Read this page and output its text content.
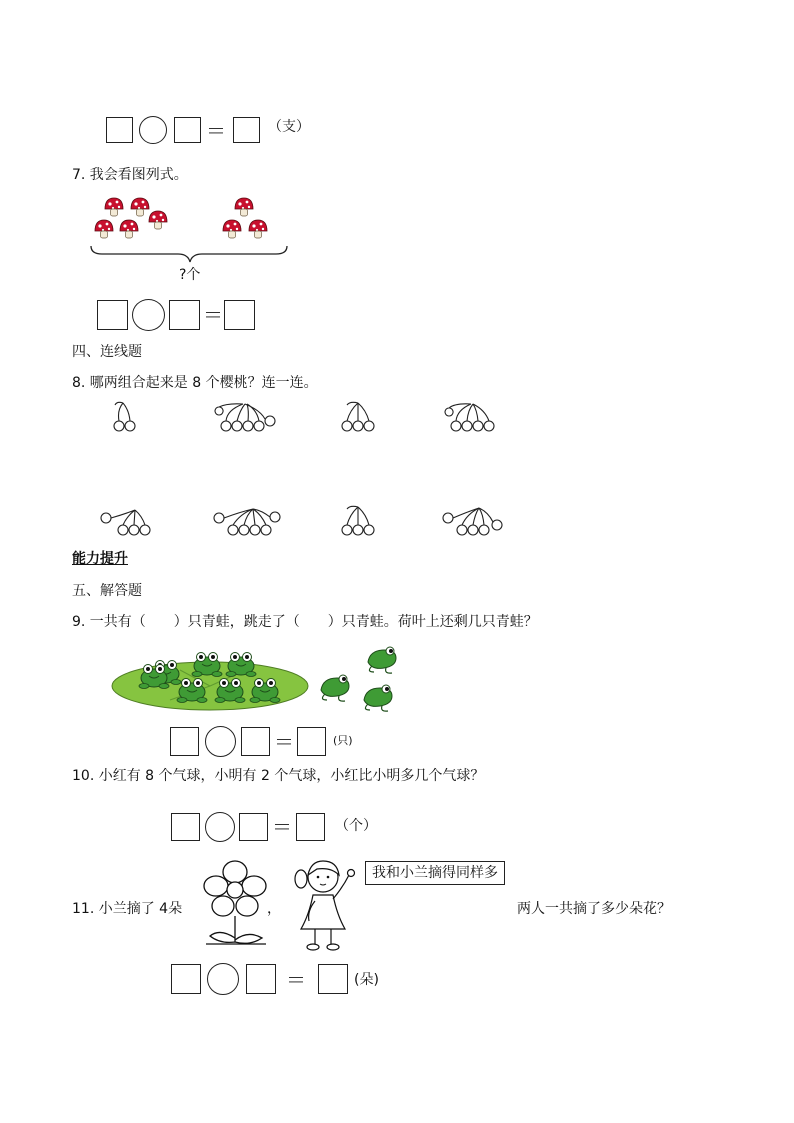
＝	（支）
7. 我会看图列式。
?个
＝
四、连线题
8. 哪两组合起来是 8 个樱桃？连一连。
能力提升
五、解答题
9. 一共有（　　）只青蛙，跳走了（　　）只青蛙。荷叶上还剩几只青蛙？
＝	(只)
10. 小红有 8 个气球，小明有 2 个气球，小红比小明多几个气球？
＝	（个）
11. 小兰摘了 4朵	，
我和小兰摘得同样多
两人一共摘了多少朵花？
＝	(朵)
